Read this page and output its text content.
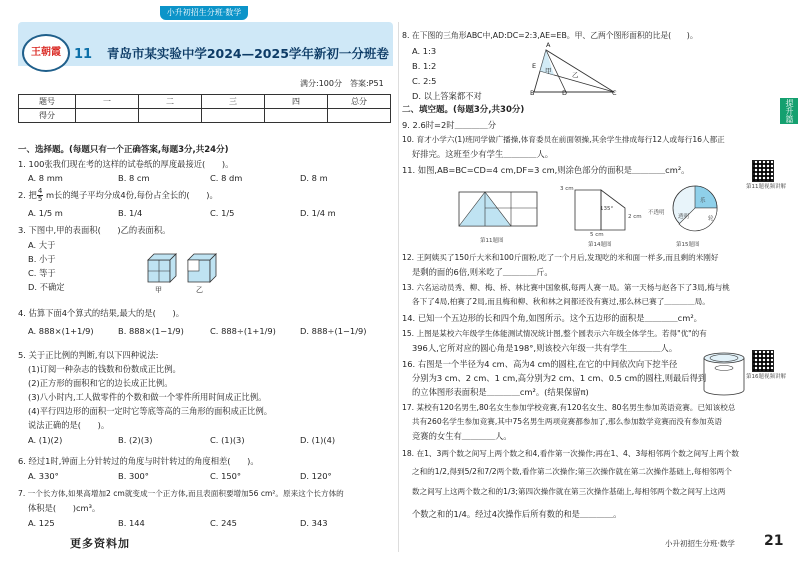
小升初招生分班·数学
王朝霞	11 青岛市某实验中学2024—2025学年新初一分班卷
满分:100分　答案:P51
题号	一	二	三	四	总分
得分					
一、选择题。(每题只有一个正确答案,每题3分,共24分)
1. 100张我们现在考的这样的试卷纸的厚度最接近(　　)。
A. 8 mm	B. 8 cm	C. 8 dm	D. 8 m
2. 把 $\frac{4}{5}$ m长的绳子平均分成4份,每份占全长的(　　)。
A. 1/5 m	B. 1/4	C. 1/5	D. 1/4 m
3. 下图中,甲的表面积(　　)乙的表面积。
A. 大于
B. 小于
C. 等于
D. 不确定	甲	乙
4. 估算下面4个算式的结果,最大的是(　　)。
A. 888×(1+1/9)	B. 888×(1−1/9)	C. 888÷(1+1/9)	D. 888÷(1−1/9)
5. 关于正比例的判断,有以下四种说法:
(1)订阅一种杂志的钱数和份数成正比例。
(2)正方形的面积和它的边长成正比例。
(3)八小时内,工人做零件的个数和做一个零件所用时间成正比例。
(4)平行四边形的面积一定时它等底等高的三角形的面积成正比例。
说法正确的是(　　)。
A. (1)(2)	B. (2)(3)	C. (1)(3)	D. (1)(4)
6. 经过1时,钟面上分针转过的角度与时针转过的角度相差(　　)。
A. 330°	B. 300°	C. 150°	D. 120°
7. 一个长方体,如果高增加2 cm就变成一个正方体,而且表面积要增加56 cm²。原来这个长方体的
体积是(　　)cm³。
A. 125	B. 144	C. 245	D. 343
8. 在下图的三角形ABC中,AD:DC=2:3,AE=EB。甲、乙两个图形面积的比是(　　)。
A. 1:3
B. 1:2
C. 2:5
D. 以上答案都不对
A
E
B	D	C
甲	乙
二、填空题。(每题3分,共30分)
9. 2.6时=2时＿＿＿＿分
10. 育才小学六(1)班同学做广播操,体育委员在前面领操,其余学生排成每行12人或每行16人都正
好排完。这班至少有学生＿＿＿＿人。
11. 如图,AB=BC=CD=4 cm,DF=3 cm,则涂色部分的面积是＿＿＿＿cm²。
第11题视频讲解
第11题图
3 cm
135°
2 cm
5 cm
第14题图
不透明
乐
透明	轮
第15题图
12. 王阿姨买了150斤大米和100斤面粉,吃了一个月后,发现吃的米和面一样多,而且剩的米刚好
是剩的面的6倍,则米吃了＿＿＿＿斤。
13. 六名运动员秀、柳、梅、桥、林比赛中国象棋,每两人赛一局。第一天杨与赵各下了3局,梅与桃
各下了4局,柏赛了2局,而且梅和柳、秋和林之间都还没有赛过,那么林已赛了＿＿＿＿局。
14. 已知一个五边形的长和四个角,如图所示。这个五边形的面积是＿＿＿＿cm²。
15. 上图是某校六年级学生体能测试情况统计图,整个圆表示六年级全体学生。若得"优"的有
396人,它所对应的圆心角是198°,则该校六年级一共有学生＿＿＿＿人。
16. 右图是一个半径为4 cm、高为4 cm的圆柱,在它的中间依次向下挖半径
分别为3 cm、2 cm、1 cm,高分别为2 cm、1 cm、0.5 cm的圆柱,则最后得到
的立体图形表面积是＿＿＿＿cm²。(结果保留π)
第16题视频讲解
17. 某校有120名男生,80名女生参加学校竞赛,有120名女生、80名男生参加英语竞赛。已知该校总
共有260名学生参加竞赛,其中75名男生两项竞赛都参加了,那么参加数学竞赛而没有参加英语
竞赛的女生有＿＿＿＿人。
18. 在1、3两个数之间写上两个数之和4,看作第一次操作;再在1、4、3每相邻两个数之间写上两个数
之和的1/2,得到5/2和7/2两个数,看作第二次操作;第三次操作就在第二次操作基础上,每相邻两个
数之间写上这两个数之和的1/3;第四次操作就在第三次操作基础上,每相邻两个数之间写上这两
个数之和的1/4。经过4次操作后所有数的和是＿＿＿＿。
提升篇
更多资料加	小升初招生分班·数学 21
